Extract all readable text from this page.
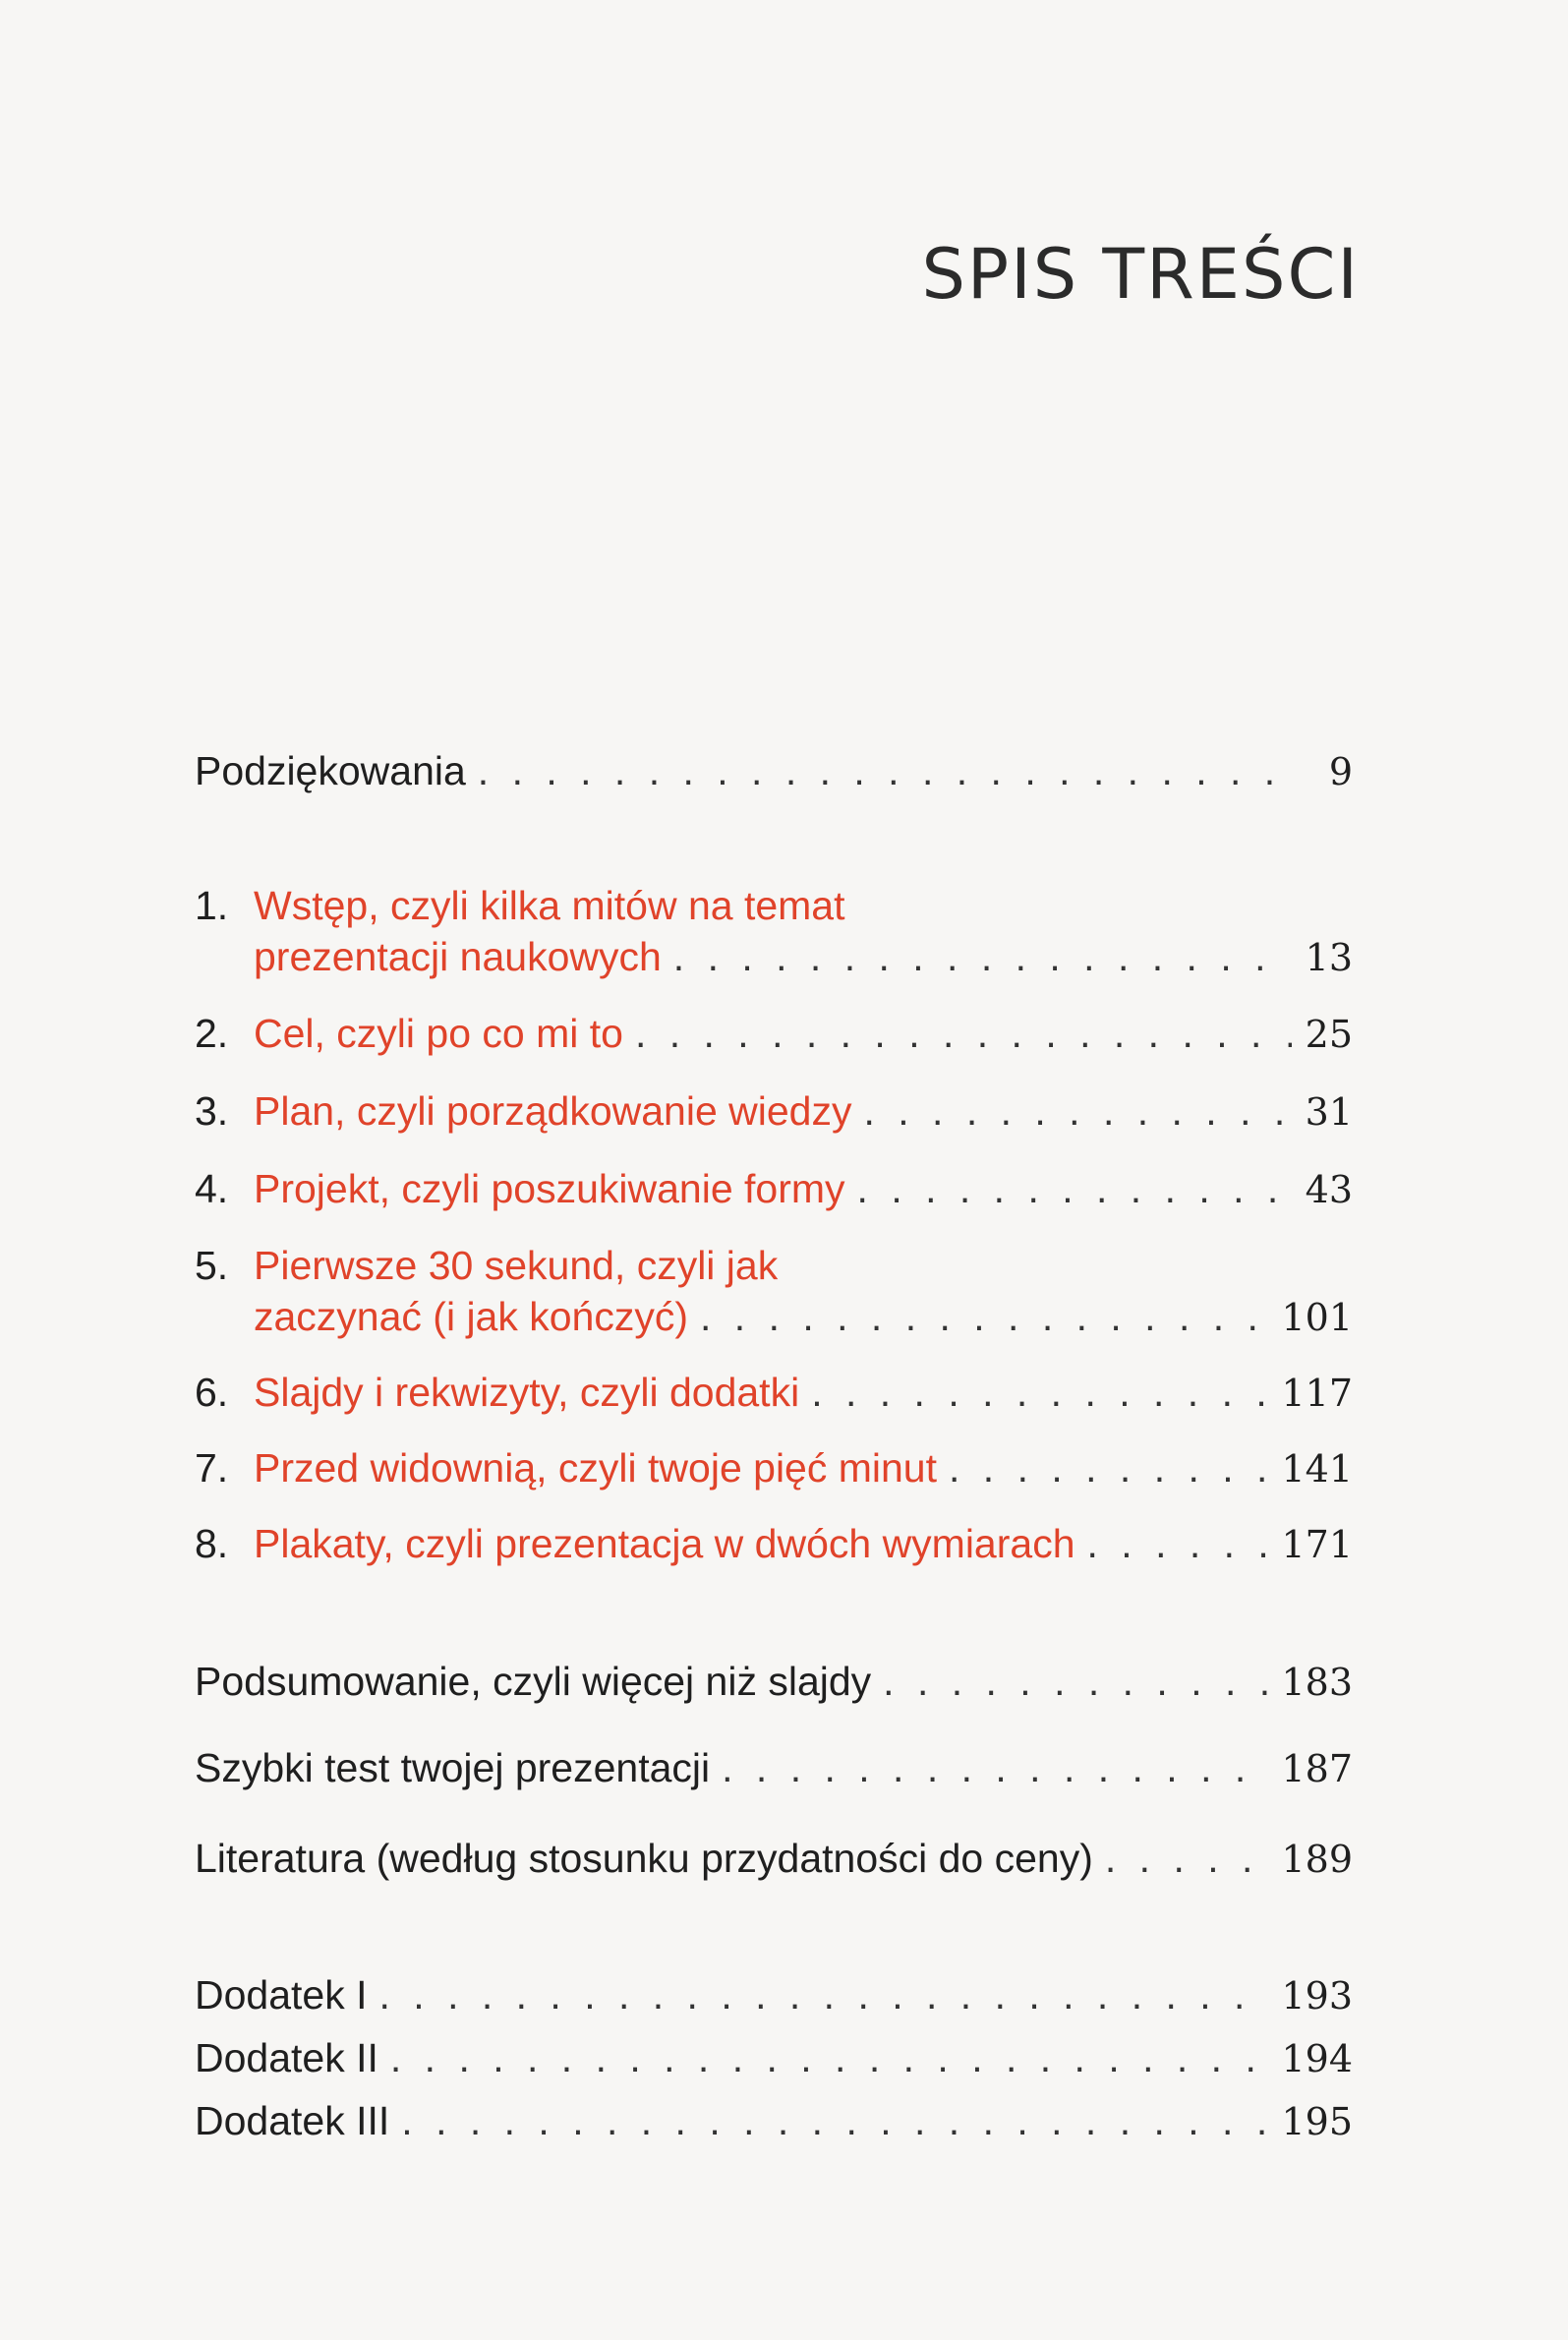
SPIS TREŚCI
Podziękowania . . .	9
1. Wstęp, czyli kilka mitów na temat
prezentacji naukowych . . .	13
2. Cel, czyli po co mi to . . .	25
3. Plan, czyli porządkowanie wiedzy . . .	31
4. Projekt, czyli poszukiwanie formy . . .	43
5. Pierwsze 30 sekund, czyli jak
zaczynać (i jak kończyć) . . .	101
6. Slajdy i rekwizyty, czyli dodatki . . .	117
7. Przed widownią, czyli twoje pięć minut . . .	141
8. Plakaty, czyli prezentacja w dwóch wymiarach . . .	171
Podsumowanie, czyli więcej niż slajdy . . .	183
Szybki test twojej prezentacji . . .	187
Literatura (według stosunku przydatności do ceny) . . .	189
Dodatek I . . .	193
Dodatek II . . .	194
Dodatek III . . .	195
